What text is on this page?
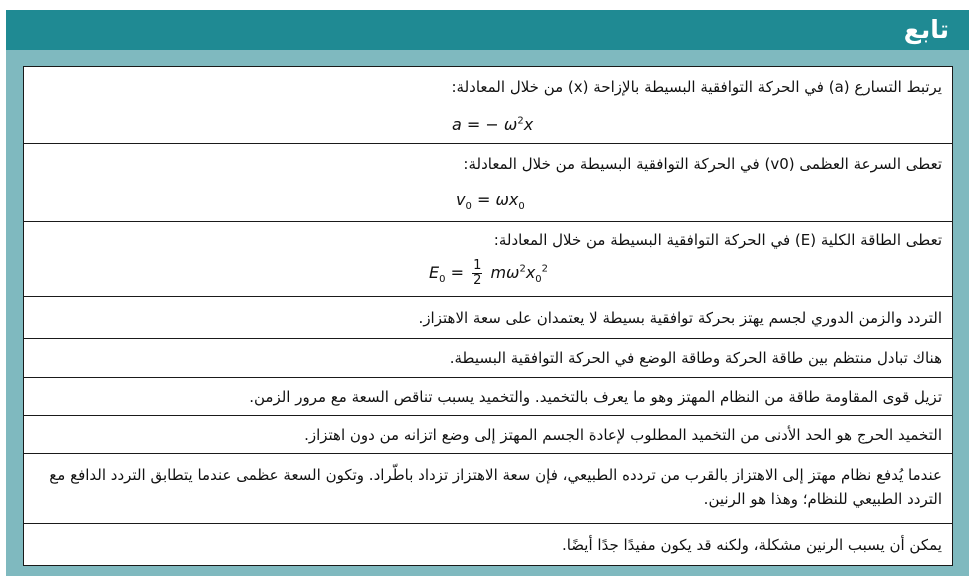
تابع
يرتبط التسارع (a) في الحركة التوافقية البسيطة بالإزاحة (x) من خلال المعادلة:
a = − $\omega^2x$
تعطى السرعة العظمى (v0) في الحركة التوافقية البسيطة من خلال المعادلة:
$v_0 = \omega x_0$
تعطى الطاقة الكلية (E) في الحركة التوافقية البسيطة من خلال المعادلة:
$E_0 = \frac{1}{2} m\omega^2x_0^2$
التردد والزمن الدوري لجسم يهتز بحركة توافقية بسيطة لا يعتمدان على سعة الاهتزاز.
هناك تبادل منتظم بين طاقة الحركة وطاقة الوضع في الحركة التوافقية البسيطة.
تزيل قوى المقاومة طاقة من النظام المهتز وهو ما يعرف بالتخميد. والتخميد يسبب تناقص السعة مع مرور الزمن.
التخميد الحرج هو الحد الأدنى من التخميد المطلوب لإعادة الجسم المهتز إلى وضع اتزانه من دون اهتزاز.
عندما يُدفع نظام مهتز إلى الاهتزاز بالقرب من تردده الطبيعي، فإن سعة الاهتزاز تزداد باطّراد. وتكون السعة عظمى عندما يتطابق التردد الدافع مع التردد الطبيعي للنظام؛ وهذا هو الرنين.
يمكن أن يسبب الرنين مشكلة، ولكنه قد يكون مفيدًا جدًا أيضًا.
